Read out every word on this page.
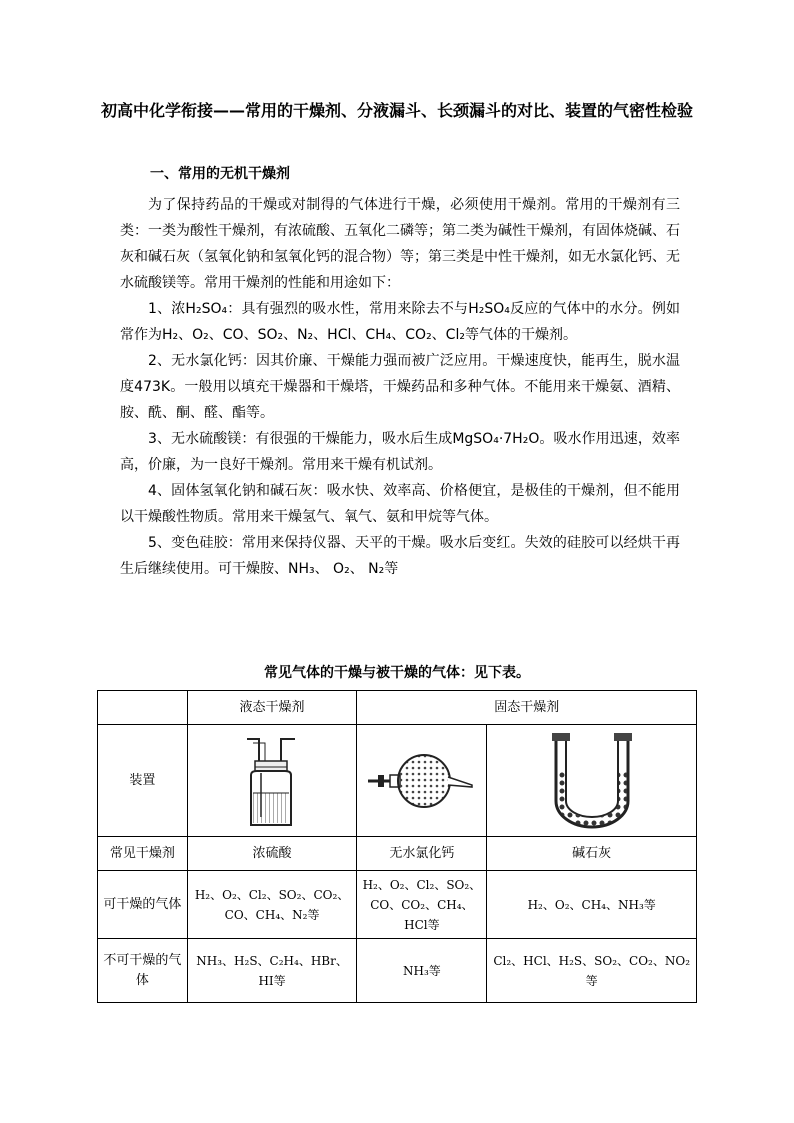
初高中化学衔接——常用的干燥剂、分液漏斗、长颈漏斗的对比、装置的气密性检验
一、常用的无机干燥剂
为了保持药品的干燥或对制得的气体进行干燥，必须使用干燥剂。常用的干燥剂有三类：一类为酸性干燥剂，有浓硫酸、五氧化二磷等；第二类为碱性干燥剂，有固体烧碱、石灰和碱石灰（氢氧化钠和氢氧化钙的混合物）等；第三类是中性干燥剂，如无水氯化钙、无水硫酸镁等。常用干燥剂的性能和用途如下：
1、浓H₂SO₄：具有强烈的吸水性，常用来除去不与H₂SO₄反应的气体中的水分。例如常作为H₂、O₂、CO、SO₂、N₂、HCl、CH₄、CO₂、Cl₂等气体的干燥剂。
2、无水氯化钙：因其价廉、干燥能力强而被广泛应用。干燥速度快，能再生，脱水温度473K。一般用以填充干燥器和干燥塔，干燥药品和多种气体。不能用来干燥氨、酒精、胺、酰、酮、醛、酯等。
3、无水硫酸镁：有很强的干燥能力，吸水后生成MgSO₄·7H₂O。吸水作用迅速，效率高，价廉，为一良好干燥剂。常用来干燥有机试剂。
4、固体氢氧化钠和碱石灰：吸水快、效率高、价格便宜，是极佳的干燥剂，但不能用以干燥酸性物质。常用来干燥氢气、氧气、氨和甲烷等气体。
5、变色硅胶：常用来保持仪器、天平的干燥。吸水后变红。失效的硅胶可以经烘干再生后继续使用。可干燥胺、NH₃、 O₂、 N₂等
常见气体的干燥与被干燥的气体：见下表。
	液态干燥剂	固态干燥剂	
装置	

常见干燥剂	浓硫酸	无水氯化钙	碱石灰
可干燥的气体	H₂、O₂、Cl₂、SO₂、CO₂、CO、CH₄、N₂等	H₂、O₂、Cl₂、SO₂、CO、CO₂、CH₄、HCl等	H₂、O₂、CH₄、NH₃等
不可干燥的气体	NH₃、H₂S、C₂H₄、HBr、HI等	NH₃等	Cl₂、HCl、H₂S、SO₂、CO₂、NO₂等
